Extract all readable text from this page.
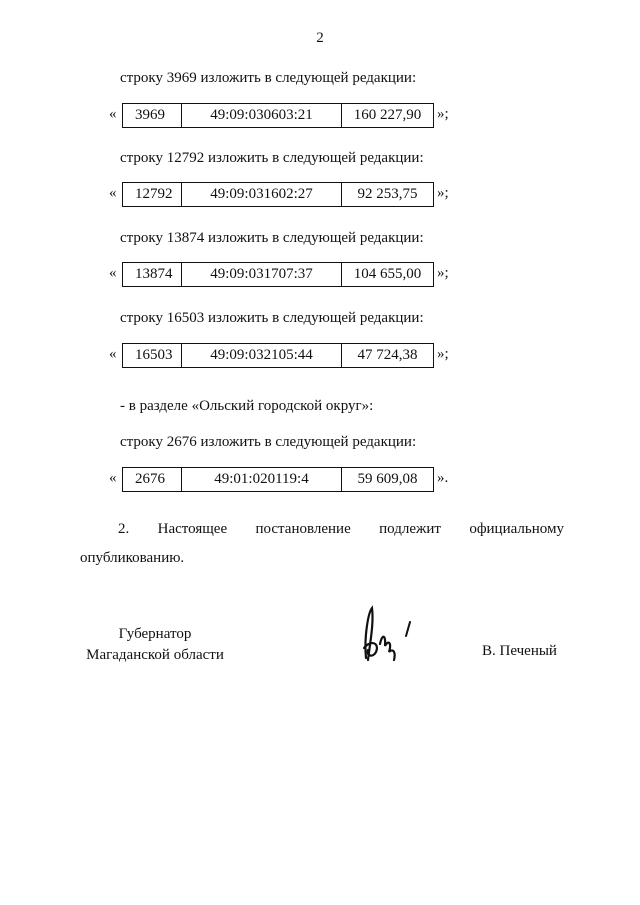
2
строку 3969 изложить в следующей редакции:
«	3969	49:09:030603:21	160 227,90	»;
строку 12792 изложить в следующей редакции:
«	12792	49:09:031602:27	92 253,75	»;
строку 13874 изложить в следующей редакции:
«	13874	49:09:031707:37	104 655,00	»;
строку 16503 изложить в следующей редакции:
«	16503	49:09:032105:44	47 724,38	»;
- в разделе «Ольский городской округ»:
строку 2676 изложить в следующей редакции:
«	2676	49:01:020119:4	59 609,08	».
2. Настоящее постановление подлежит официальному
опубликованию.
Губернатор
Магаданской области	В. Печеный
